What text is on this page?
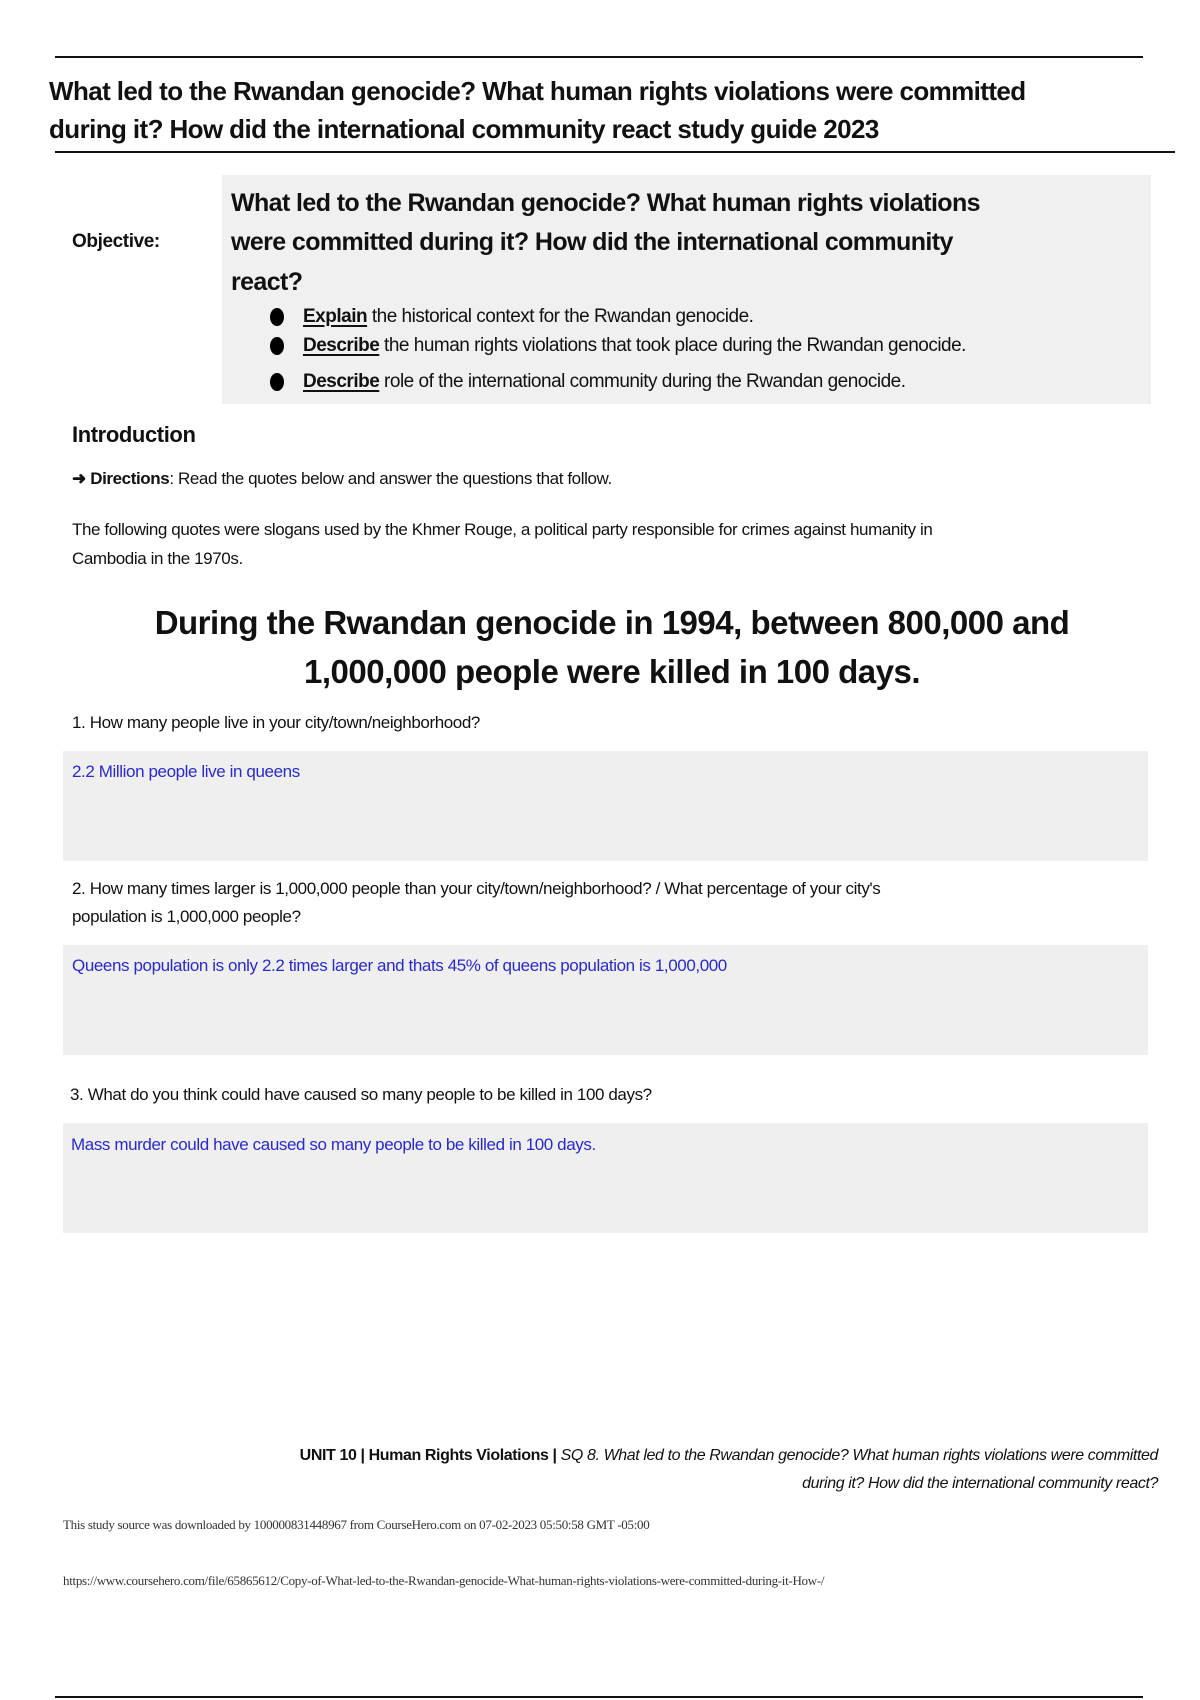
What led to the Rwandan genocide? What human rights violations were committed
during it? How did the international community react study guide 2023
Objective:
What led to the Rwandan genocide? What human rights violations
were committed during it? How did the international community
react?
Explain the historical context for the Rwandan genocide.
Describe the human rights violations that took place during the Rwandan genocide.
Describe role of the international community during the Rwandan genocide.
Introduction
➜ Directions: Read the quotes below and answer the questions that follow.
The following quotes were slogans used by the Khmer Rouge, a political party responsible for crimes against humanity in
Cambodia in the 1970s.
During the Rwandan genocide in 1994, between 800,000 and
1,000,000 people were killed in 100 days.
1. How many people live in your city/town/neighborhood?
2.2 Million people live in queens
2. How many times larger is 1,000,000 people than your city/town/neighborhood? / What percentage of your city's
population is 1,000,000 people?
Queens population is only 2.2 times larger and thats 45% of queens population is 1,000,000
3. What do you think could have caused so many people to be killed in 100 days?
Mass murder could have caused so many people to be killed in 100 days.
UNIT 10 | Human Rights Violations | SQ 8. What led to the Rwandan genocide? What human rights violations were committed
during it? How did the international community react?
This study source was downloaded by 100000831448967 from CourseHero.com on 07-02-2023 05:50:58 GMT -05:00
https://www.coursehero.com/file/65865612/Copy-of-What-led-to-the-Rwandan-genocide-What-human-rights-violations-were-committed-during-it-How-/
